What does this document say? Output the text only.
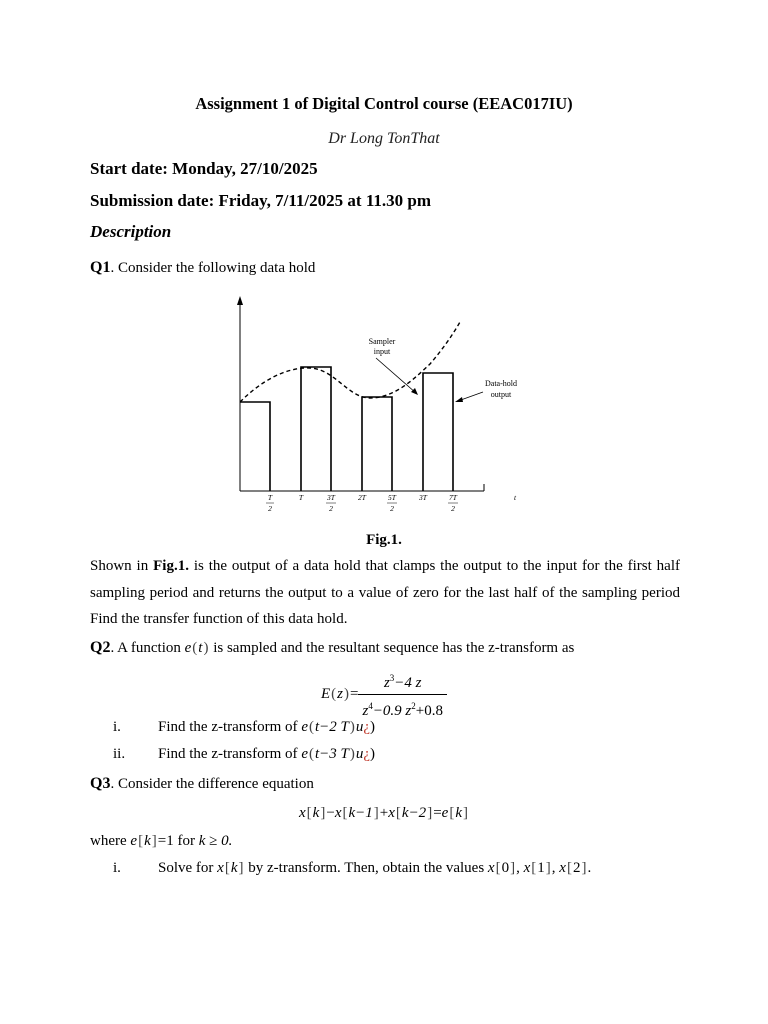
Assignment 1 of Digital Control course (EEAC017IU)
Dr Long TonThat
Start date: Monday, 27/10/2025
Submission date: Friday, 7/11/2025 at 11.30 pm
Description
Q1. Consider the following data hold
Sampler
input
Data-hold
output
T
2
T	3T
2
2T	5T
2
3T	7T
2
t
Fig.1.
Shown in Fig.1. is the output of a data hold that clamps the output to the input for the first half sampling period and returns the output to a value of zero for the last half of the sampling period Find the transfer function of this data hold.
Q2. A function e(t) is sampled and the resultant sequence has the z-transform as
$E(z)= \frac{z^3-4 z}{z^4-0.9 z^2+0.8}$
i. Find the z-transform of e(t−2 T)u¿)
ii. Find the z-transform of e(t−3 T)u¿)
Q3. Consider the difference equation
x[k]−x[k−1]+x[k−2]=e[k]
where e[k]=1 for k ≥ 0.
i. Solve for x[k] by z-transform. Then, obtain the values x[0], x[1], x[2].
